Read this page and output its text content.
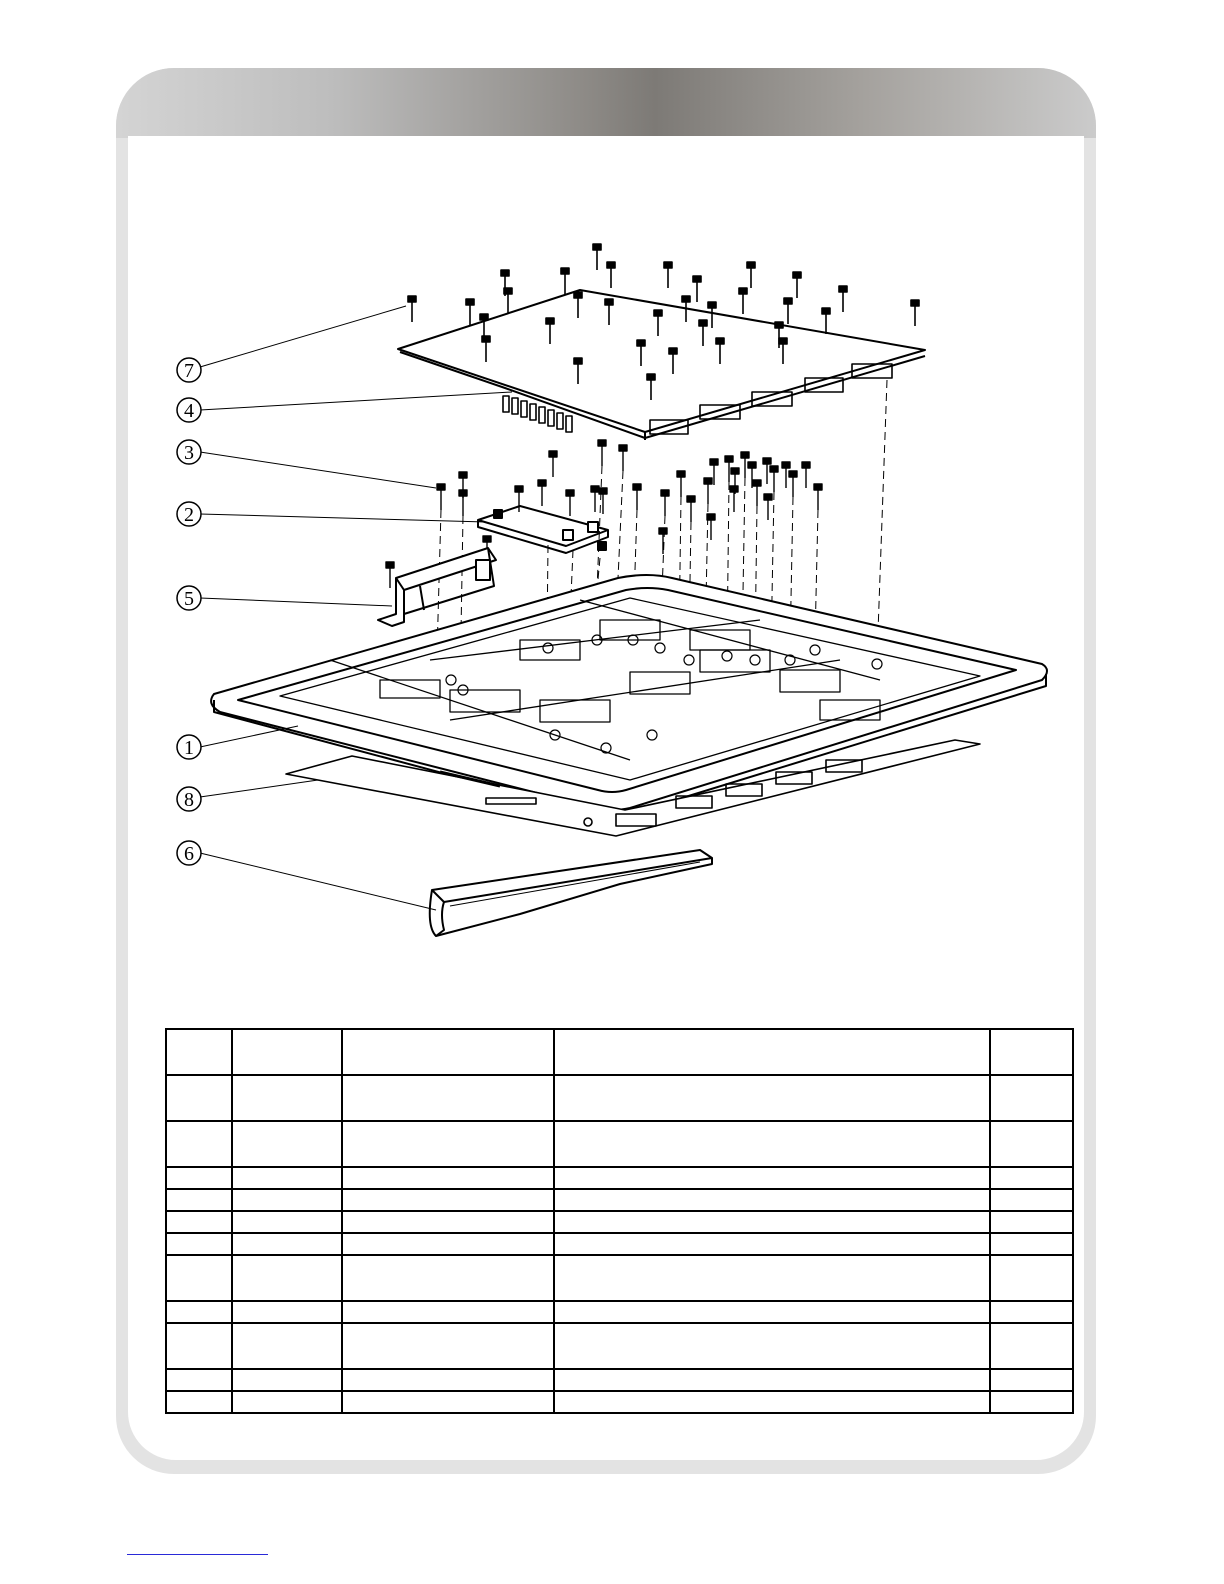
7
4
3
2
5
1
8
6
